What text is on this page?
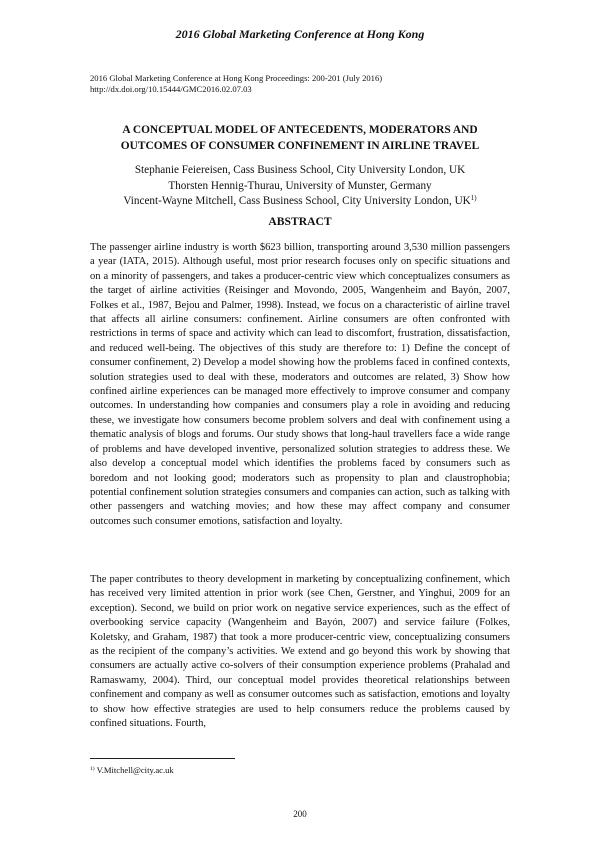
2016 Global Marketing Conference at Hong Kong
2016 Global Marketing Conference at Hong Kong Proceedings: 200-201 (July 2016)
http://dx.doi.org/10.15444/GMC2016.02.07.03
A CONCEPTUAL MODEL OF ANTECEDENTS, MODERATORS AND
OUTCOMES OF CONSUMER CONFINEMENT IN AIRLINE TRAVEL
Stephanie Feiereisen, Cass Business School, City University London, UK
Thorsten Hennig-Thurau, University of Munster, Germany
Vincent-Wayne Mitchell, Cass Business School, City University London, UK$^{1)}$
ABSTRACT

The passenger airline industry is worth $623 billion, transporting around 3,530 million passengers a year (IATA, 2015). Although useful, most prior research focuses only on specific situations and on a minority of passengers, and takes a producer-centric view which conceptualizes consumers as the target of airline activities (Reisinger and Movondo, 2005, Wangenheim and Bayón, 2007, Folkes et al., 1987, Bejou and Palmer, 1998). Instead, we focus on a characteristic of airline travel that affects all airline consumers: confinement. Airline consumers are often confronted with restrictions in terms of space and activity which can lead to discomfort, frustration, dissatisfaction, and reduced well-being. The objectives of this study are therefore to: 1) Define the concept of consumer confinement, 2) Develop a model showing how the problems faced in confined contexts, solution strategies used to deal with these, moderators and outcomes are related, 3) Show how confined airline experiences can be managed more effectively to improve consumer and company outcomes. In understanding how companies and consumers play a role in avoiding and reducing these, we investigate how consumers become problem solvers and deal with confinement using a thematic analysis of blogs and forums. Our study shows that long-haul travellers face a wide range of problems and have developed inventive, personalized solution strategies to address these. We also develop a conceptual model which identifies the problems faced by consumers such as boredom and not looking good; moderators such as propensity to plan and claustrophobia; potential confinement solution strategies consumers and companies can action, such as talking with other passengers and watching movies; and how these may affect company and consumer outcomes such consumer emotions, satisfaction and loyalty.

The paper contributes to theory development in marketing by conceptualizing confinement, which has received very limited attention in prior work (see Chen, Gerstner, and Yinghui, 2009 for an exception). Second, we build on prior work on negative service experiences, such as the effect of overbooking service capacity (Wangenheim and Bayón, 2007) and service failure (Folkes, Koletsky, and Graham, 1987) that took a more producer-centric view, conceptualizing consumers as the recipient of the company’s activities. We extend and go beyond this work by showing that consumers are actually active co-solvers of their consumption experience problems (Prahalad and Ramaswamy, 2004). Third, our conceptual model provides theoretical relationships between confinement and company as well as consumer outcomes such as satisfaction, emotions and loyalty to show how effective strategies are used to help consumers reduce the problems caused by confined situations. Fourth,

$^{1)}$ V.Mitchell@city.ac.uk
200
